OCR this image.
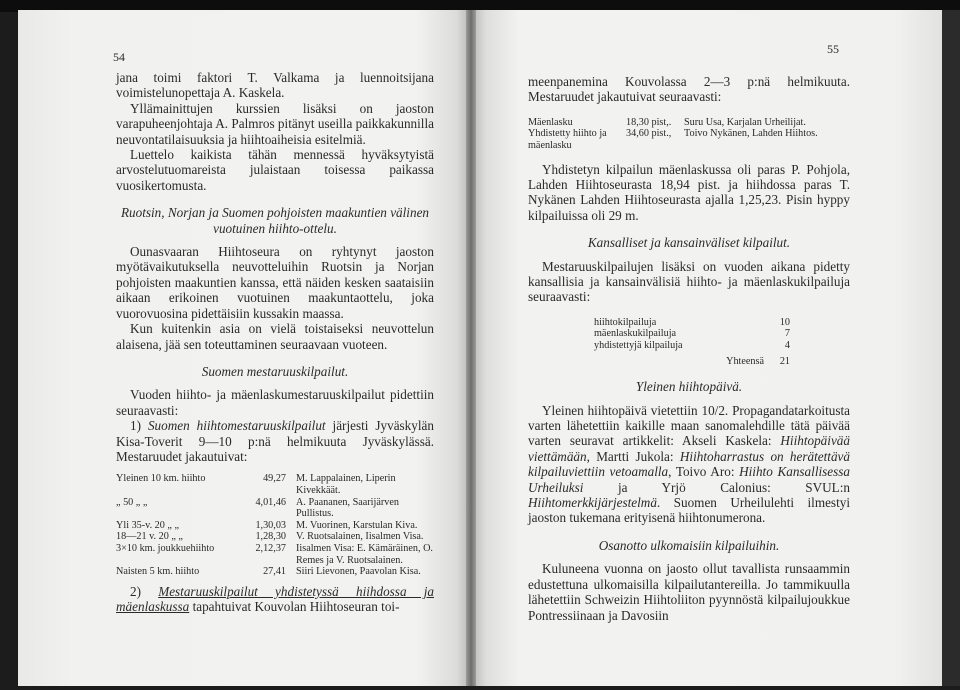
54

jana toimi faktori T. Valkama ja luennoitsijana voimistelunopettaja A. Kaskela.

Yllämainittujen kurssien lisäksi on jaoston varapuheenjohtaja A. Palmros pitänyt useilla paikkakunnilla neuvontatilaisuuksia ja hiihtoaiheisia esitelmiä.

Luettelo kaikista tähän mennessä hyväksytyistä arvostelutuomareista julaistaan toisessa paikassa vuosikertomusta.

Ruotsin, Norjan ja Suomen pohjoisten maakuntien välinen vuotuinen hiihto-ottelu.

Ounasvaaran Hiihtoseura on ryhtynyt jaoston myötävaikutuksella neuvotteluihin Ruotsin ja Norjan pohjoisten maakuntien kanssa, että näiden kesken saataisiin aikaan erikoinen vuotuinen maakuntaottelu, joka vuorovuosina pidettäisiin kussakin maassa.

Kun kuitenkin asia on vielä toistaiseksi neuvottelun alaisena, jää sen toteuttaminen seuraavaan vuoteen.

Suomen mestaruuskilpailut.

Vuoden hiihto- ja mäenlaskumestaruuskilpailut pidettiin seuraavasti:

1) Suomen hiihtomestaruuskilpailut järjesti Jyväskylän Kisa-Toverit 9—10 p:nä helmikuuta Jyväskylässä. Mestaruudet jakautuivat:

Yleinen 10 km. hiihto	49,27	M. Lappalainen, Liperin Kivekkäät.
„ 50 „ „	4,01,46	A. Paananen, Saarijärven Pullistus.
Yli 35-v. 20 „ „	1,30,03	M. Vuorinen, Karstulan Kiva.
18—21 v. 20 „ „	1,28,30	V. Ruotsalainen, Iisalmen Visa.
3×10 km. joukkuehiihto	2,12,37	Iisalmen Visa: E. Kämäräinen, O. Remes ja V. Ruotsalainen.
Naisten 5 km. hiihto	27,41	Siiri Lievonen, Paavolan Kisa.

2) Mestaruuskilpailut yhdistetyssä hiihdossa ja mäenlaskussa tapahtuivat Kouvolan Hiihtoseuran toi-

55

meenpanemina Kouvolassa 2—3 p:nä helmikuuta. Mestaruudet jakautuivat seuraavasti:

Mäenlasku	18,30 pist,.	Suru Usa, Karjalan Urheilijat.
Yhdistetty hiihto ja mäenlasku	34,60 pist.,	Toivo Nykänen, Lahden Hiihtos.

Yhdistetyn kilpailun mäenlaskussa oli paras P. Pohjola, Lahden Hiihtoseurasta 18,94 pist. ja hiihdossa paras T. Nykänen Lahden Hiihtoseurasta ajalla 1,25,23. Pisin hyppy kilpailuissa oli 29 m.

Kansalliset ja kansainväliset kilpailut.

Mestaruuskilpailujen lisäksi on vuoden aikana pidetty kansallisia ja kansainvälisiä hiihto- ja mäenlaskukilpailuja seuraavasti:

hiihtokilpailuja	10
mäenlaskukilpailuja	7
yhdistettyjä kilpailuja	4
Yhteensä	21

Yleinen hiihtopäivä.

Yleinen hiihtopäivä vietettiin 10/2. Propagandatarkoitusta varten lähetettiin kaikille maan sanomalehdille tätä päivää varten seuravat artikkelit: Akseli Kaskela: Hiihtopäivää viettämään, Martti Jukola: Hiihtoharrastus on herätettävä kilpailuviettiin vetoamalla, Toivo Aro: Hiihto Kansallisessa Urheiluksi ja Yrjö Calonius: SVUL:n Hiihtomerkkijärjestelmä. Suomen Urheilulehti ilmestyi jaoston tukemana erityisenä hiihtonumerona.

Osanotto ulkomaisiin kilpailuihin.

Kuluneena vuonna on jaosto ollut tavallista runsaammin edustettuna ulkomaisilla kilpailutantereilla. Jo tammikuulla lähetettiin Schweizin Hiihtoliiton pyynnöstä kilpailujoukkue Pontressiinaan ja Davosiin
